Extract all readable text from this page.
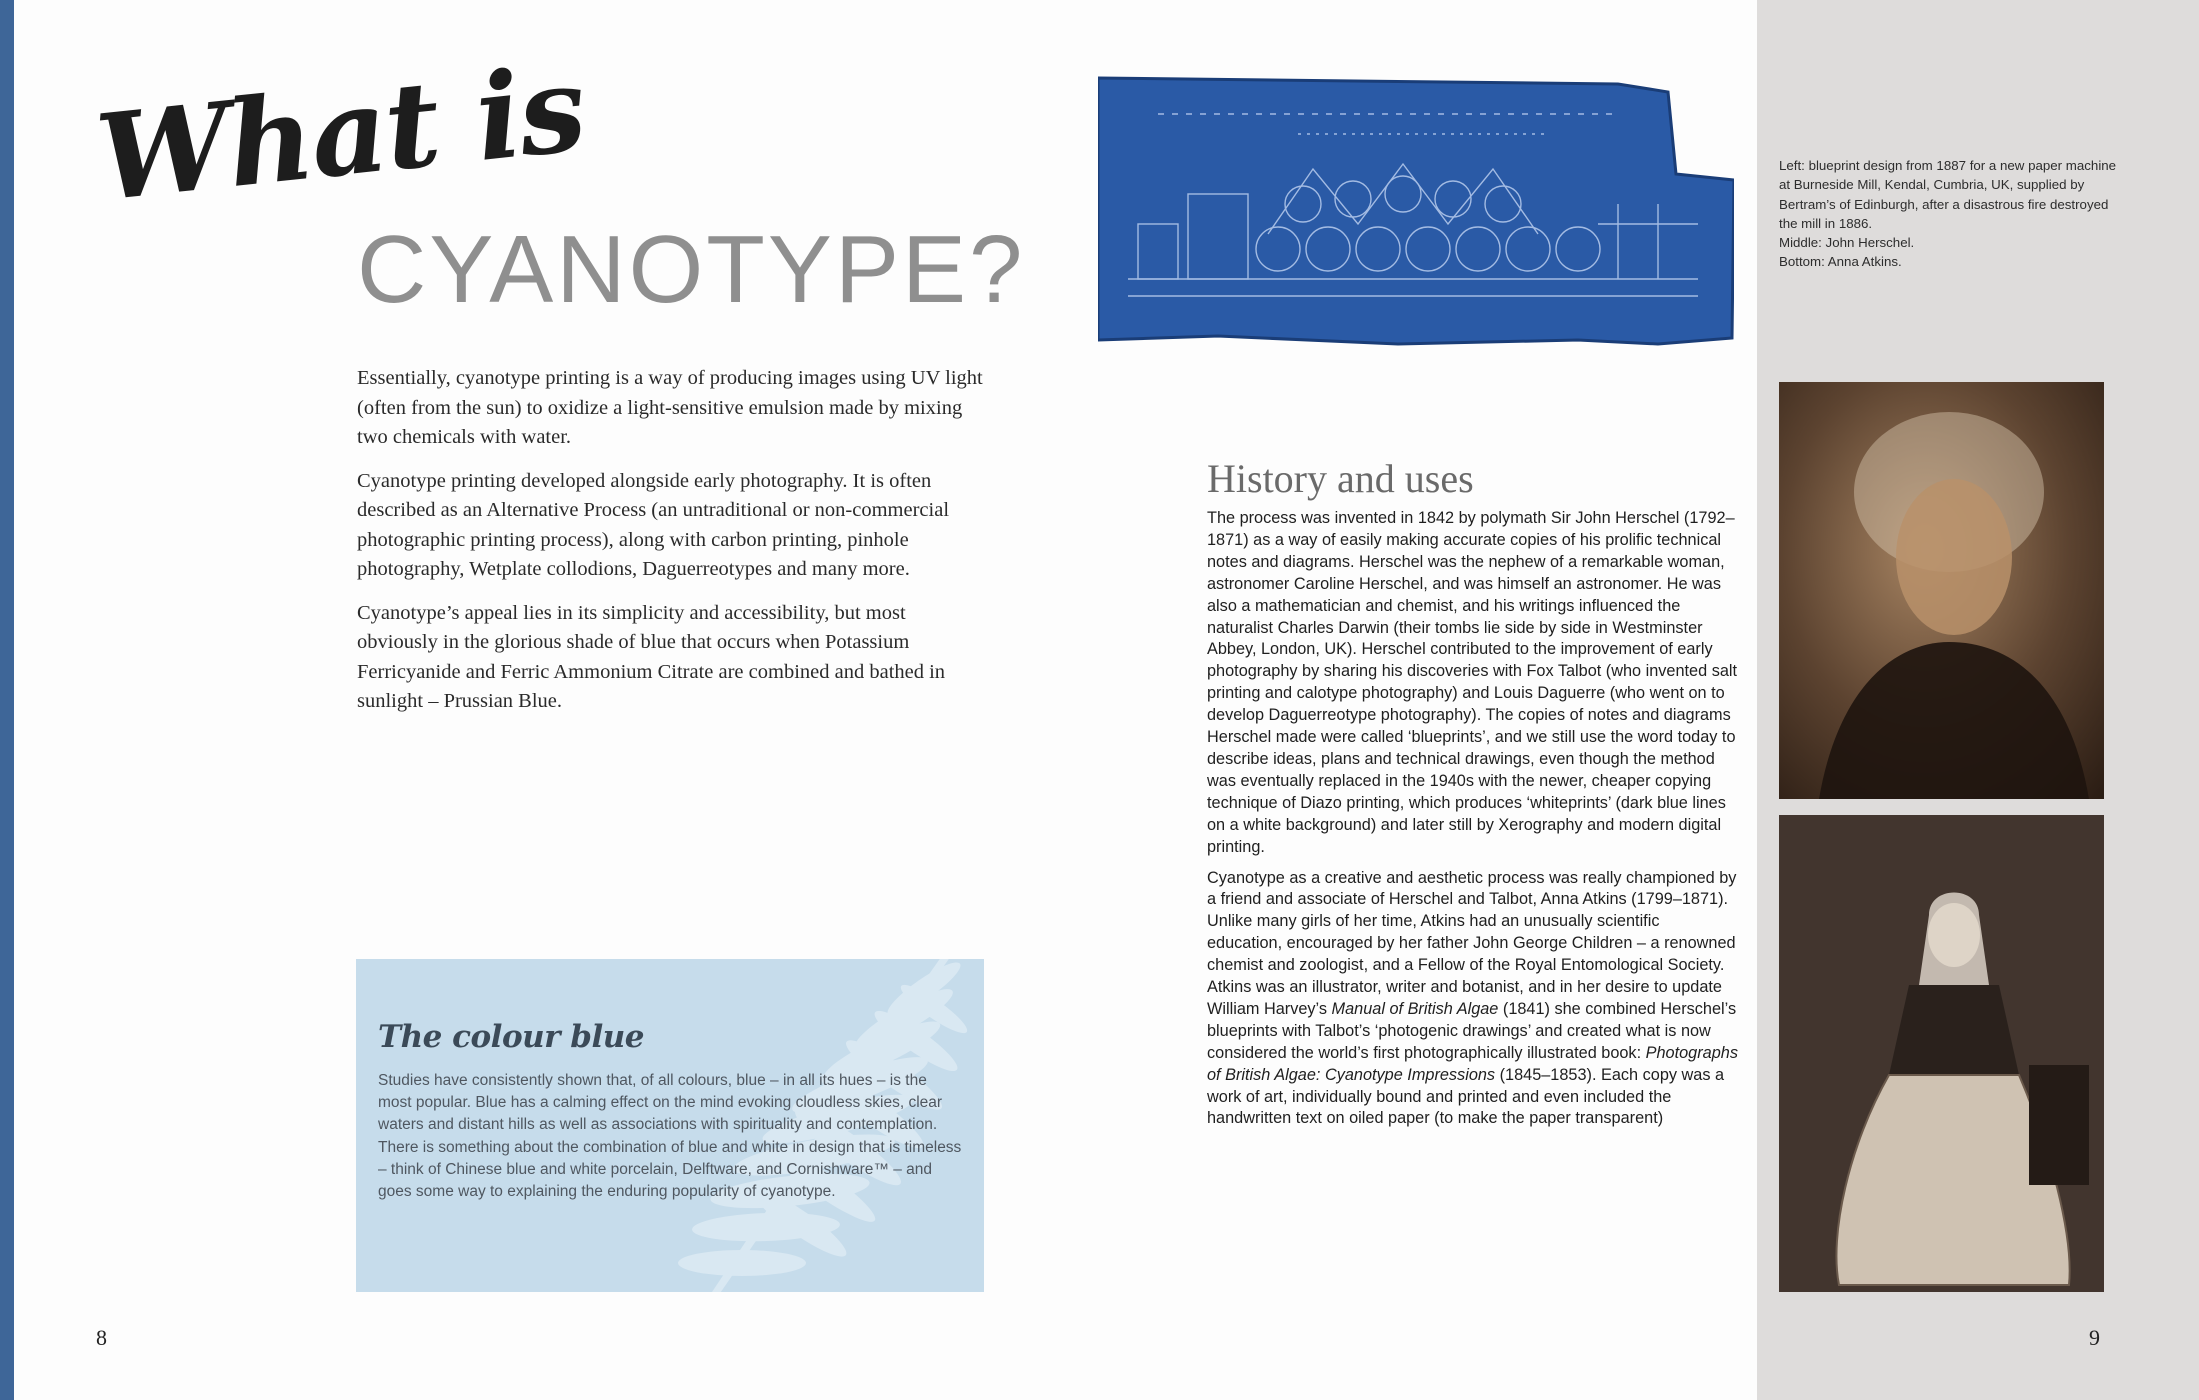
What is
CYANOTYPE?

Essentially, cyanotype printing is a way of producing images using UV light (often from the sun) to oxidize a light-sensitive emulsion made by mixing two chemicals with water.

Cyanotype printing developed alongside early photography. It is often described as an Alternative Process (an untraditional or non-commercial photographic printing process), along with carbon printing, pinhole photography, Wetplate collodions, Daguerreotypes and many more.

Cyanotype’s appeal lies in its simplicity and accessibility, but most obviously in the glorious shade of blue that occurs when Potassium Ferricyanide and Ferric Ammonium Citrate are combined and bathed in sunlight – Prussian Blue.

The colour blue

Studies have consistently shown that, of all colours, blue – in all its hues – is the most popular. Blue has a calming effect on the mind evoking cloudless skies, clear waters and distant hills as well as associations with spirituality and contemplation. There is something about the combination of blue and white in design that is timeless – think of Chinese blue and white porcelain, Delftware, and Cornishware™ – and goes some way to explaining the enduring popularity of cyanotype.

History and uses

The process was invented in 1842 by polymath Sir John Herschel (1792–1871) as a way of easily making accurate copies of his prolific technical notes and diagrams. Herschel was the nephew of a remarkable woman, astronomer Caroline Herschel, and was himself an astronomer. He was also a mathematician and chemist, and his writings influenced the naturalist Charles Darwin (their tombs lie side by side in Westminster Abbey, London, UK). Herschel contributed to the improvement of early photography by sharing his discoveries with Fox Talbot (who invented salt printing and calotype photography) and Louis Daguerre (who went on to develop Daguerreotype photography). The copies of notes and diagrams Herschel made were called ‘blueprints’, and we still use the word today to describe ideas, plans and technical drawings, even though the method was eventually replaced in the 1940s with the newer, cheaper copying technique of Diazo printing, which produces ‘whiteprints’ (dark blue lines on a white background) and later still by Xerography and modern digital printing.

Cyanotype as a creative and aesthetic process was really championed by a friend and associate of Herschel and Talbot, Anna Atkins (1799–1871). Unlike many girls of her time, Atkins had an unusually scientific education, encouraged by her father John George Children – a renowned chemist and zoologist, and a Fellow of the Royal Entomological Society. Atkins was an illustrator, writer and botanist, and in her desire to update William Harvey’s Manual of British Algae (1841) she combined Herschel’s blueprints with Talbot’s ‘photogenic drawings’ and created what is now considered the world’s first photographically illustrated book: Photographs of British Algae: Cyanotype Impressions (1845–1853). Each copy was a work of art, individually bound and printed and even included the handwritten text on oiled paper (to make the paper transparent)

Left: blueprint design from 1887 for a new paper machine at Burneside Mill, Kendal, Cumbria, UK, supplied by Bertram’s of Edinburgh, after a disastrous fire destroyed the mill in 1886.
Middle: John Herschel.
Bottom: Anna Atkins.

8	9
